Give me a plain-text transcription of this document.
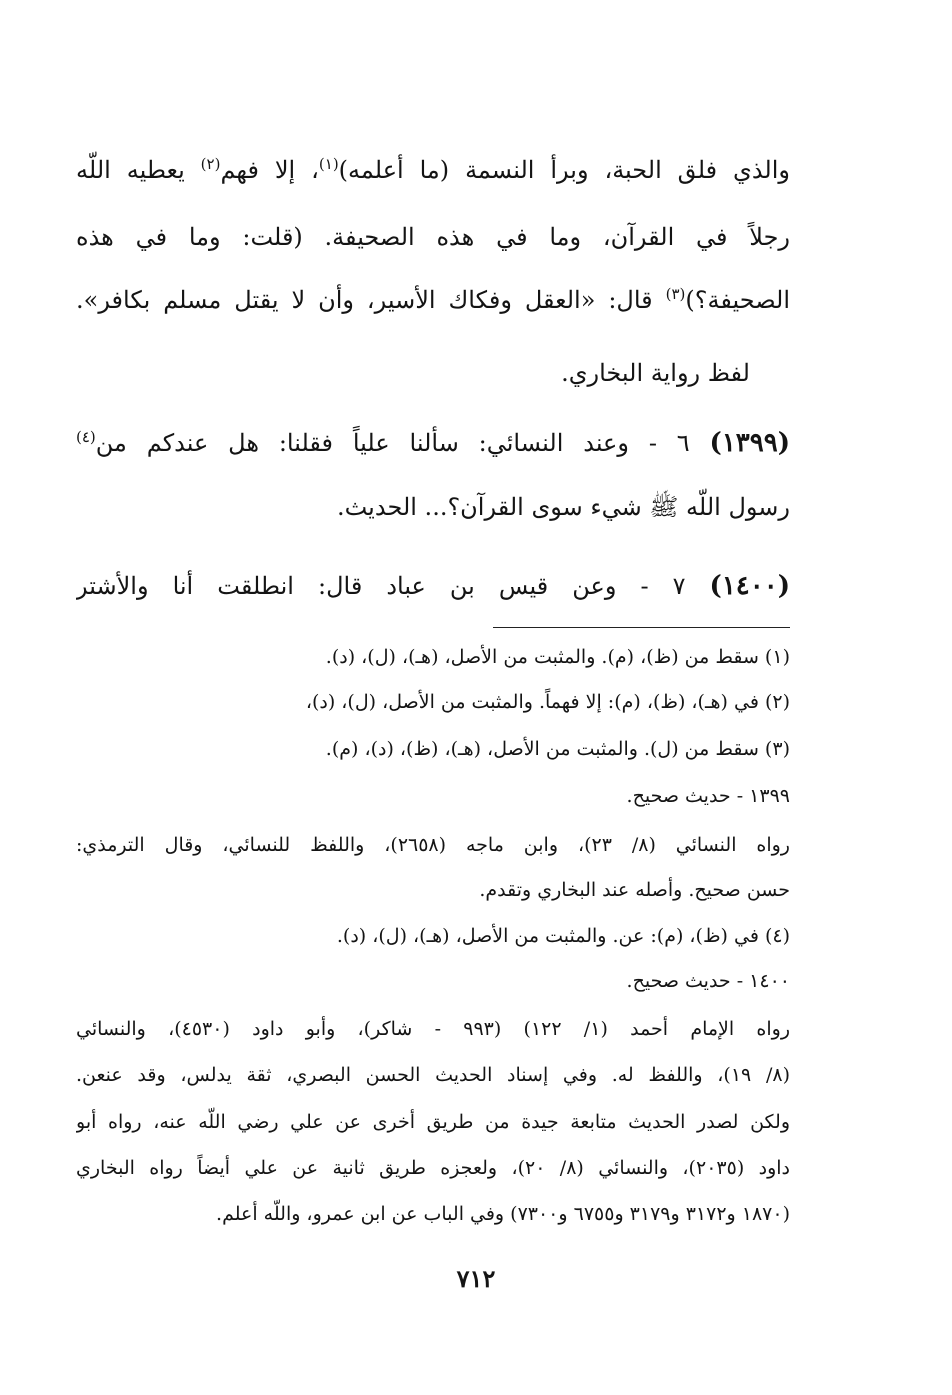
والذي فلق الحبة، وبرأ النسمة (ما أعلمه)$^{(١)}$، إلا فهم$^{(٢)}$ يعطيه اللّه
رجلاً في القرآن، وما في هذه الصحيفة. (قلت: وما في هذه
الصحيفة؟)$^{(٣)}$ قال: «العقل وفكاك الأسير، وأن لا يقتل مسلم بكافر».
لفظ رواية البخاري.
(١٣٩٩) ٦ - وعند النسائي: سألنا علياً فقلنا: هل عندكم من$^{(٤)}$
رسول اللّه ﷺ شيء سوى القرآن؟... الحديث.
(١٤٠٠) ٧ - وعن قيس بن عباد قال: انطلقت أنا والأشتر
(١) سقط من (ظ)، (م). والمثبت من الأصل، (هـ)، (ل)، (د).
(٢) في (هـ)، (ظ)، (م): إلا فهماً. والمثبت من الأصل، (ل)، (د)،
(٣) سقط من (ل). والمثبت من الأصل، (هـ)، (ظ)، (د)، (م).
١٣٩٩ - حديث صحيح.
رواه النسائي (٨/ ٢٣)، وابن ماجه (٢٦٥٨)، واللفظ للنسائي، وقال الترمذي:
حسن صحيح. وأصله عند البخاري وتقدم.
(٤) في (ظ)، (م): عن. والمثبت من الأصل، (هـ)، (ل)، (د).
١٤٠٠ - حديث صحيح.
رواه الإمام أحمد (١/ ١٢٢) (٩٩٣ - شاكر)، وأبو داود (٤٥٣٠)، والنسائي
(٨/ ١٩)، واللفظ له. وفي إسناد الحديث الحسن البصري، ثقة يدلس، وقد عنعن.
ولكن لصدر الحديث متابعة جيدة من طريق أخرى عن علي رضي اللّه عنه، رواه أبو
داود (٢٠٣٥)، والنسائي (٨/ ٢٠)، ولعجزه طريق ثانية عن علي أيضاً رواه البخاري
(١٨٧٠ و٣١٧٢ و٣١٧٩ و٦٧٥٥ و٧٣٠٠) وفي الباب عن ابن عمرو، واللّه أعلم.
٧١٢
